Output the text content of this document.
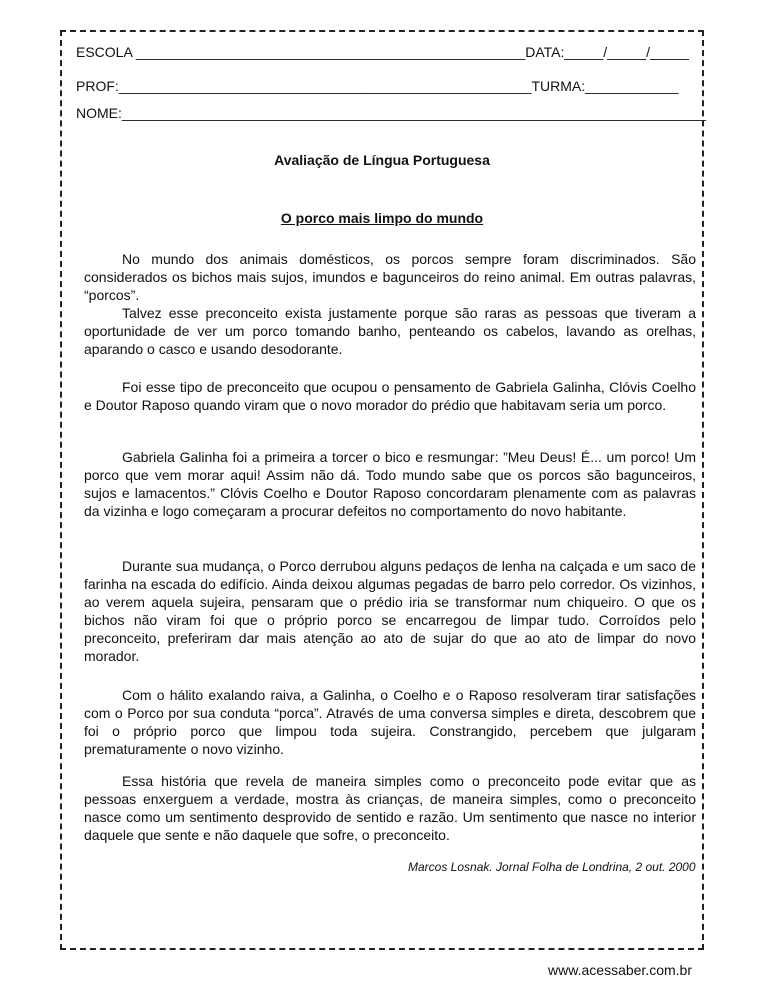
ESCOLA __________________________________________________DATA:_____/_____/_____
PROF:_____________________________________________________TURMA:____________
NOME:___________________________________________________________________________
Avaliação de Língua Portuguesa
O porco mais limpo do mundo

No mundo dos animais domésticos, os porcos sempre foram discriminados. São considerados os bichos mais sujos, imundos e bagunceiros do reino animal. Em outras palavras, “porcos”.

Talvez esse preconceito exista justamente porque são raras as pessoas que tiveram a oportunidade de ver um porco tomando banho, penteando os cabelos, lavando as orelhas, aparando o casco e usando desodorante.

Foi esse tipo de preconceito que ocupou o pensamento de Gabriela Galinha, Clóvis Coelho e Doutor Raposo quando viram que o novo morador do prédio que habitavam seria um porco.

Gabriela Galinha foi a primeira a torcer o bico e resmungar: ”Meu Deus! É... um porco! Um porco que vem morar aqui! Assim não dá. Todo mundo sabe que os porcos são bagunceiros, sujos e lamacentos.” Clóvis Coelho e Doutor Raposo concordaram plenamente com as palavras da vizinha e logo começaram a procurar defeitos no comportamento do novo habitante.

Durante sua mudança, o Porco derrubou alguns pedaços de lenha na calçada e um saco de farinha na escada do edifício. Ainda deixou algumas pegadas de barro pelo corredor. Os vizinhos, ao verem aquela sujeira, pensaram que o prédio iria se transformar num chiqueiro. O que os bichos não viram foi que o próprio porco se encarregou de limpar tudo. Corroídos pelo preconceito, preferiram dar mais atenção ao ato de sujar do que ao ato de limpar do novo morador.

Com o hálito exalando raiva, a Galinha, o Coelho e o Raposo resolveram tirar satisfações com o Porco por sua conduta “porca”. Através de uma conversa simples e direta, descobrem que foi o próprio porco que limpou toda sujeira. Constrangido, percebem que julgaram prematuramente o novo vizinho.

Essa história que revela de maneira simples como o preconceito pode evitar que as pessoas enxerguem a verdade, mostra às crianças, de maneira simples, como o preconceito nasce como um sentimento desprovido de sentido e razão. Um sentimento que nasce no interior daquele que sente e não daquele que sofre, o preconceito.

Marcos Losnak. Jornal Folha de Londrina, 2 out. 2000
www.acessaber.com.br
